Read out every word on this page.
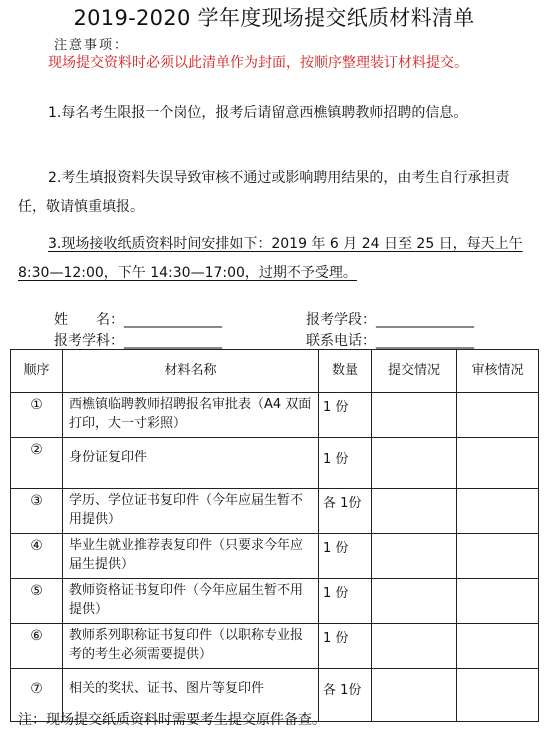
2019-2020 学年度现场提交纸质材料清单
注意事项：
现场提交资料时必须以此清单作为封面，按顺序整理装订材料提交。
1.每名考生限报一个岗位，报考后请留意西樵镇聘教师招聘的信息。
2.考生填报资料失误导致审核不通过或影响聘用结果的，由考生自行承担责任，敬请慎重填报。
3.现场接收纸质资料时间安排如下：2019 年 6 月 24 日至 25 日，每天上午 8:30—12:00，下午 14:30—17:00，过期不予受理。
姓　　名：______________	报考学段：______________
报考学科：______________	联系电话：______________
顺序	材料名称	数量	提交情况	审核情况
①	西樵镇临聘教师招聘报名审批表（A4 双面打印，大一寸彩照）	1 份		
②	身份证复印件	1 份		
③	学历、学位证书复印件（今年应届生暂不用提供）	各 1份		
④	毕业生就业推荐表复印件（只要求今年应届生提供）	1 份		
⑤	教师资格证书复印件（今年应届生暂不用提供）	1 份		
⑥	教师系列职称证书复印件（以职称专业报考的考生必须需要提供）	1 份		
⑦	相关的奖状、证书、图片等复印件	各 1份		
注：现场提交纸质资料时需要考生提交原件备查。
